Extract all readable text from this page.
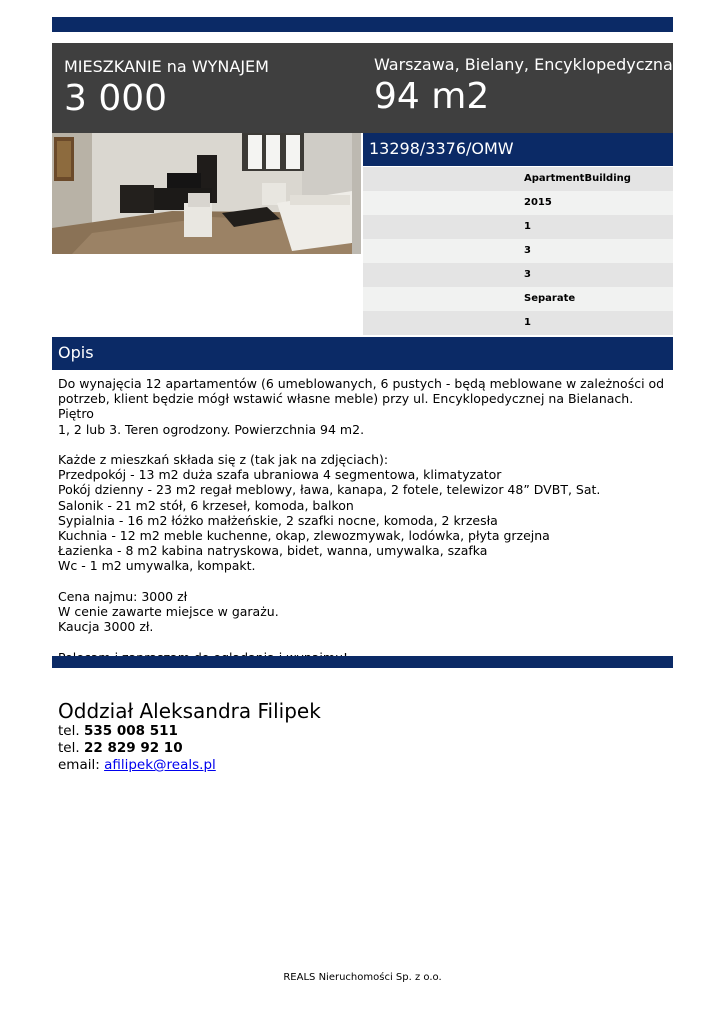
MIESZKANIE na WYNAJEM
3 000
Warszawa, Bielany, Encyklopedyczna
94 m2
13298/3376/OMW
ApartmentBuilding
2015
1
3
3
Separate
1
Opis

Do wynajęcia 12 apartamentów (6 umeblowanych, 6 pustych - będą meblowane w zależności od

potrzeb, klient będzie mógł wstawić własne meble) przy ul. Encyklopedycznej na Bielanach. Piętro

1, 2 lub 3. Teren ogrodzony. Powierzchnia 94 m2.

Każde z mieszkań składa się z (tak jak na zdjęciach):

Przedpokój - 13 m2 duża szafa ubraniowa 4 segmentowa, klimatyzator

Pokój dzienny - 23 m2 regał meblowy, ława, kanapa, 2 fotele, telewizor 48” DVBT, Sat.

Salonik - 21 m2 stół, 6 krzeseł, komoda, balkon

Sypialnia - 16 m2 łóżko małżeńskie, 2 szafki nocne, komoda, 2 krzesła

Kuchnia - 12 m2 meble kuchenne, okap, zlewozmywak, lodówka, płyta grzejna

Łazienka - 8 m2 kabina natryskowa, bidet, wanna, umywalka, szafka

Wc - 1 m2 umywalka, kompakt.

Cena najmu: 3000 zł

W cenie zawarte miejsce w garażu.

Kaucja 3000 zł.

Oddział Aleksandra Filipek
tel. 535 008 511
tel. 22 829 92 10
email: afilipek@reals.pl
REALS Nieruchomości Sp. z o.o.
